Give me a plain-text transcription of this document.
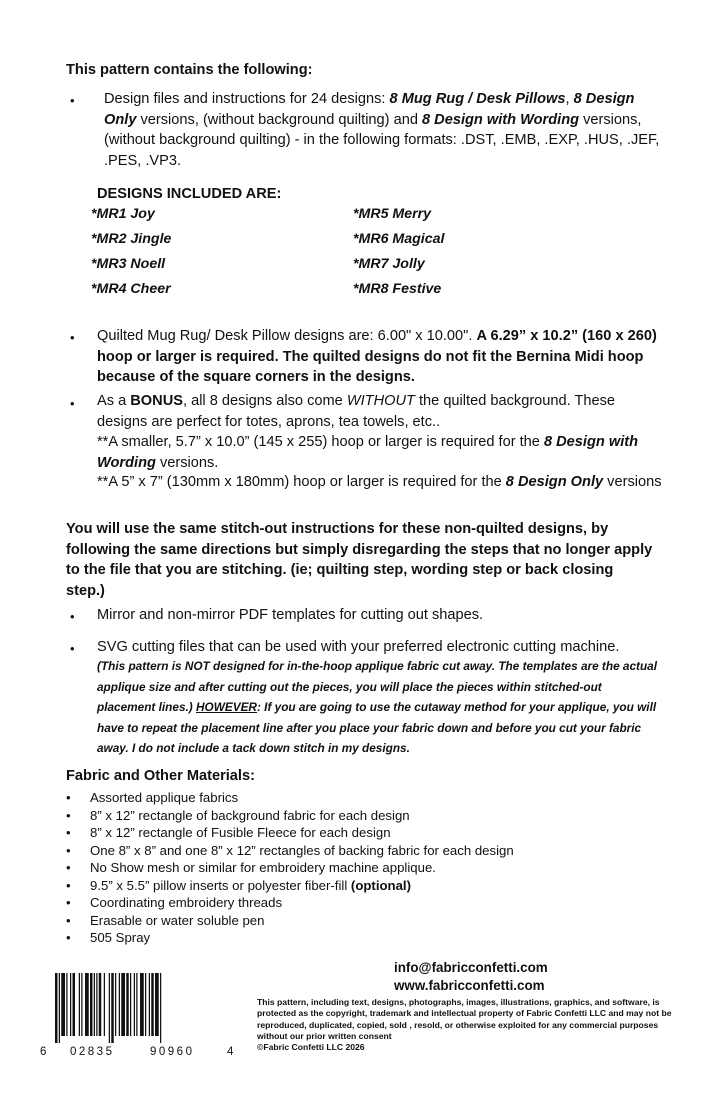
This pattern contains the following:
• Design files and instructions for 24 designs: 8 Mug Rug / Desk Pillows, 8 Design Only versions, (without background quilting) and 8 Design with Wording versions, (without background quilting) - in the following formats: .DST, .EMB, .EXP, .HUS, .JEF, .PES, .VP3.
DESIGNS INCLUDED ARE:
*MR1 Joy
*MR2 Jingle
*MR3 Noell
*MR4 Cheer
*MR5 Merry
*MR6 Magical
*MR7 Jolly
*MR8 Festive
• Quilted Mug Rug/ Desk Pillow designs are: 6.00" x 10.00". A 6.29” x 10.2” (160 x 260) hoop or larger is required. The quilted designs do not fit the Bernina Midi hoop because of the square corners in the designs.
• As a BONUS, all 8 designs also come WITHOUT the quilted background. These designs are perfect for totes, aprons, tea towels, etc..
**A smaller, 5.7” x 10.0” (145 x 255) hoop or larger is required for the 8 Design with Wording versions.
**A 5” x 7” (130mm x 180mm) hoop or larger is required for the 8 Design Only versions
You will use the same stitch-out instructions for these non-quilted designs, by following the same directions but simply disregarding the steps that no longer apply to the file that you are stitching. (ie; quilting step, wording step or back closing step.)
• Mirror and non-mirror PDF templates for cutting out shapes.
• SVG cutting files that can be used with your preferred electronic cutting machine.
(This pattern is NOT designed for in-the-hoop applique fabric cut away. The templates are the actual applique size and after cutting out the pieces, you will place the pieces within stitched-out placement lines.) HOWEVER: If you are going to use the cutaway method for your applique, you will have to repeat the placement line after you place your fabric down and before you cut your fabric away. I do not include a tack down stitch in my designs.
Fabric and Other Materials:
• Assorted applique fabrics
• 8” x 12” rectangle of background fabric for each design
• 8” x 12” rectangle of Fusible Fleece for each design
• One 8” x 8” and one 8” x 12” rectangles of backing fabric for each design
• No Show mesh or similar for embroidery machine applique.
• 9.5” x 5.5” pillow inserts or polyester fiber-fill (optional)
• Coordinating embroidery threads
• Erasable or water soluble pen
• 505 Spray
info@fabricconfetti.com
www.fabricconfetti.com
6 02835	90960	4
This pattern, including text, designs, photographs, images, illustrations, graphics, and software, is protected as the copyright, trademark and intellectual property of Fabric Confetti LLC and may not be reproduced, duplicated, copied, sold , resold, or otherwise exploited for any commercial purposes without our prior written consent
©Fabric Confetti LLC 2026
